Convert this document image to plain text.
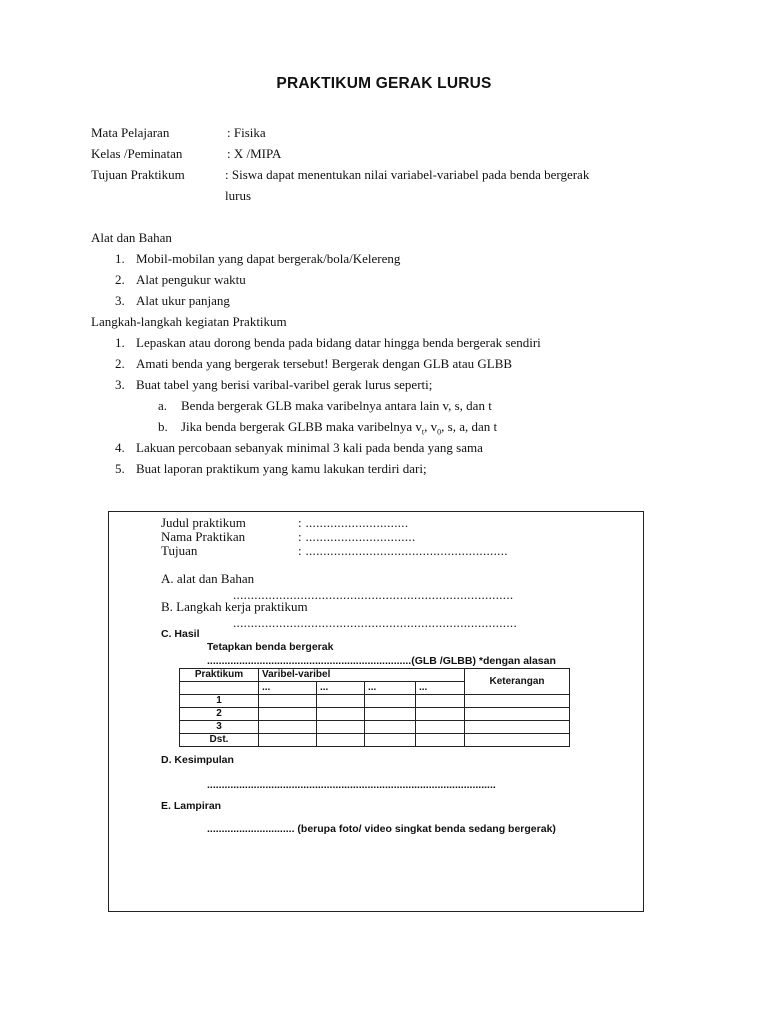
PRAKTIKUM GERAK LURUS
Mata Pelajaran	: Fisika
Kelas /Peminatan	: X /MIPA
Tujuan Praktikum	: Siswa dapat menentukan nilai variabel-variabel pada benda bergerak
lurus
Alat dan Bahan
1. Mobil-mobilan yang dapat bergerak/bola/Kelereng
2. Alat pengukur waktu
3. Alat ukur panjang
Langkah-langkah kegiatan Praktikum
1. Lepaskan atau dorong benda pada bidang datar hingga benda bergerak sendiri
2. Amati benda yang bergerak tersebut! Bergerak dengan GLB atau GLBB
3. Buat tabel yang berisi varibal-varibel gerak lurus seperti;
a. Benda bergerak GLB maka varibelnya antara lain v, s, dan t
b. Jika benda bergerak GLBB maka varibelnya $v_t$, $v_0$, s, a, dan t
4. Lakuan percobaan sebanyak minimal 3 kali pada benda yang sama
5. Buat laporan praktikum yang kamu lakukan terdiri dari;
Judul praktikum	: .............................
Nama Praktikan	: ...............................
Tujuan	: .........................................................
A. alat dan Bahan
...............................................................................
B. Langkah kerja praktikum
................................................................................
C. Hasil
Tetapkan benda bergerak
......................................................................(GLB /GLBB) *dengan alasan
Praktikum	Varibel-varibel				Keterangan
	...	...	...	...	
1					
2					
3					
Dst.					
D. Kesimpulan
...................................................................................................
E. Lampiran
.............................. (berupa foto/ video singkat benda sedang bergerak)
